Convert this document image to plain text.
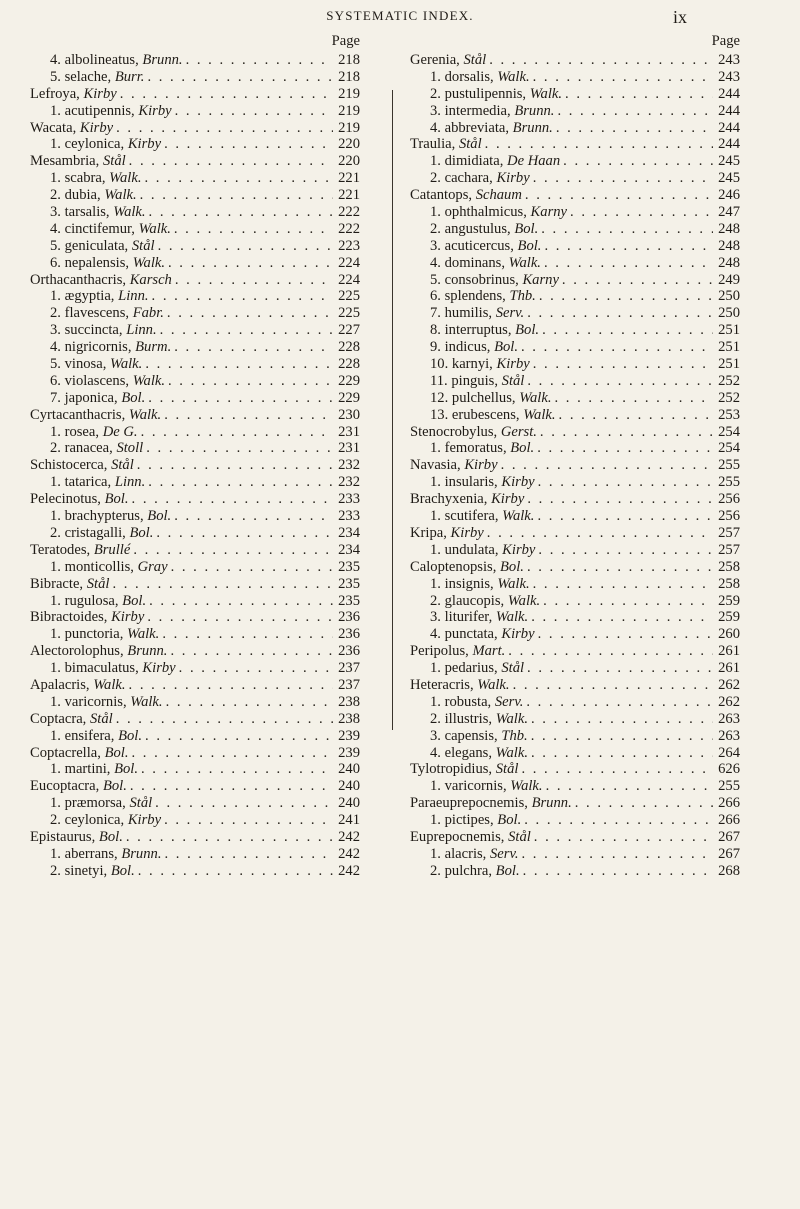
SYSTEMATIC INDEX.	ix
Page
4. albolineatus, Brunn. . . .	218
5. selache, Burr. . . .	218
Lefroya, Kirby . . .	219
1. acutipennis, Kirby . . .	219
Wacata, Kirby . . .	219
1. ceylonica, Kirby . . .	220
Mesambria, Stål . . .	220
1. scabra, Walk. . . .	221
2. dubia, Walk. . . .	221
3. tarsalis, Walk. . . .	222
4. cinctifemur, Walk. . . .	222
5. geniculata, Stål . . .	223
6. nepalensis, Walk. . . .	224
Orthacanthacris, Karsch . . .	224
1. ægyptia, Linn. . . .	225
2. flavescens, Fabr. . . .	225
3. succincta, Linn. . . .	227
4. nigricornis, Burm. . . .	228
5. vinosa, Walk. . . .	228
6. violascens, Walk. . . .	229
7. japonica, Bol. . . .	229
Cyrtacanthacris, Walk. . . .	230
1. rosea, De G. . . .	231
2. ranacea, Stoll . . .	231
Schistocerca, Stål . . .	232
1. tatarica, Linn. . . .	232
Pelecinotus, Bol. . . .	233
1. brachypterus, Bol. . . .	233
2. cristagalli, Bol. . . .	234
Teratodes, Brullé . . .	234
1. monticollis, Gray . . .	235
Bibracte, Stål . . .	235
1. rugulosa, Bol. . . .	235
Bibractoides, Kirby . . .	236
1. punctoria, Walk. . . .	236
Alectorolophus, Brunn. . . .	236
1. bimaculatus, Kirby . . .	237
Apalacris, Walk. . . .	237
1. varicornis, Walk. . . .	238
Coptacra, Stål . . .	238
1. ensifera, Bol. . . .	239
Coptacrella, Bol. . . .	239
1. martini, Bol. . . .	240
Eucoptacra, Bol. . . .	240
1. præmorsa, Stål . . .	240
2. ceylonica, Kirby . . .	241
Epistaurus, Bol. . . .	242
1. aberrans, Brunn. . . .	242
2. sinetyi, Bol. . . .	242
Page
Gerenia, Stål . . .	243
1. dorsalis, Walk. . . .	243
2. pustulipennis, Walk. . . .	244
3. intermedia, Brunn. . . .	244
4. abbreviata, Brunn. . . .	244
Traulia, Stål . . .	244
1. dimidiata, De Haan . . .	245
2. cachara, Kirby . . .	245
Catantops, Schaum . . .	246
1. ophthalmicus, Karny . . .	247
2. angustulus, Bol. . . .	248
3. acuticercus, Bol. . . .	248
4. dominans, Walk. . . .	248
5. consobrinus, Karny . . .	249
6. splendens, Thb. . . .	250
7. humilis, Serv. . . .	250
8. interruptus, Bol. . . .	251
9. indicus, Bol. . . .	251
10. karnyi, Kirby . . .	251
11. pinguis, Stål . . .	252
12. pulchellus, Walk. . . .	252
13. erubescens, Walk. . . .	253
Stenocrobylus, Gerst. . . .	254
1. femoratus, Bol. . . .	254
Navasia, Kirby . . .	255
1. insularis, Kirby . . .	255
Brachyxenia, Kirby . . .	256
1. scutifera, Walk. . . .	256
Kripa, Kirby . . .	257
1. undulata, Kirby . . .	257
Caloptenopsis, Bol. . . .	258
1. insignis, Walk. . . .	258
2. glaucopis, Walk. . . .	259
3. liturifer, Walk. . . .	259
4. punctata, Kirby . . .	260
Peripolus, Mart. . . .	261
1. pedarius, Stål . . .	261
Heteracris, Walk. . . .	262
1. robusta, Serv. . . .	262
2. illustris, Walk. . . .	263
3. capensis, Thb. . . .	263
4. elegans, Walk. . . .	264
Tylotropidius, Stål . . .	626
1. varicornis, Walk. . . .	255
Paraeuprepocnemis, Brunn. . . .	266
1. pictipes, Bol. . . .	266
Euprepocnemis, Stål . . .	267
1. alacris, Serv. . . .	267
2. pulchra, Bol. . . .	268
